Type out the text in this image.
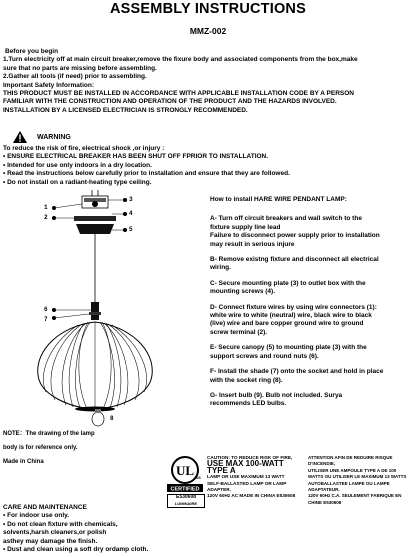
ASSEMBLY INSTRUCTIONS
MMZ-002
Before you begin
1.Turn electricity off at main circuit breaker,remove the fixure body and associated components from the box,make
sure that no parts are missing before assembling.
2.Gather all tools (if need) prior to assembling.
Important Safety Information:
THIS PRODUCT MUST BE INSTALLED IN ACCORDANCE WITH APPLICABLE INSTALLATION CODE BY A PERSON
FAMILIAR WITH THE CONSTRUCTION AND OPERATION OF THE PRODUCT AND THE HAZARDS INVOLVED.
INSTALLATION BY A LICENSED ELECTRICIAN IS STRONGLY RECOMMENDED.
WARNING
To reduce the risk of fire, electrical shock ,or injury :
• ENSURE ELECTRICAL BREAKER HAS BEEN SHUT OFF FPRIOR TO INSTALLATION.
• Intended for use only indoors in a dry location.
• Read the instructions below carefully prior to installation and ensure that they are followed.
• Do not install on a radiant-heating type ceiling.
1
2
3
4
5
6
7
8
How to install HARE WIRE PENDANT LAMP:
A- Turn off circuit breakers and wall switch to the
fixture supply line lead
Failure to disconnect power supply prior to installation
may result in serious injure
B- Remove existng fixture and disconnect all electrical
wiring.
C- Secure mounting plate (3) to outlet box with the
mounting screws (4).
D- Connect fixture wires by using wire connectors (1):
white wire to white (neutral) wire, black wire to black
(live) wire and bare copper ground wire to ground
screw terminal (2).
E- Secure canopy (5) to mounting plate (3) with the
support screws and round nuts (6).
F- Install the shade (7) onto the socket and hold in place
with the socket ring (8).
G- Insert bulb (9). Bulb not included. Surya
recommends LED bulbs.
NOTE：The drawing of the lamp
body is for reference only.
Made in China
UL
CERTIFIED
E530608
LUMINAIRE
US
CAUTION: TO REDUCE RISK OF FIRE,
USE MAX 100-WATT TYPE A
LAMP OR USE MAXIMUM 13 WATT
SELF-BALLASTED LAMP OR LAMP ADAPTER.
120V 60Hz AC MADE IN CHINA E530608
ATTENTION AFIN DE REDUIRE RISQUE D'INCENDIE,
UTILISER UNE AMPOULE TYPE A DE 100
WATTS OU UTILISER LE MAXIMUM 13 WATTS
AUTOBALLASTEE LAMPE OU LAMPE ADAPTATEUR.
120V 60Hz C.A. SEULEMENT FABRIQUE EN CHINE E530608
CARE AND MAINTENANCE
• For indoor use only.
• Do not clean fixture with chemicals,
solvents,harsh cleaners,or polish
asthey may damage the finish.
• Dust and clean using a soft dry ordamp cloth.
